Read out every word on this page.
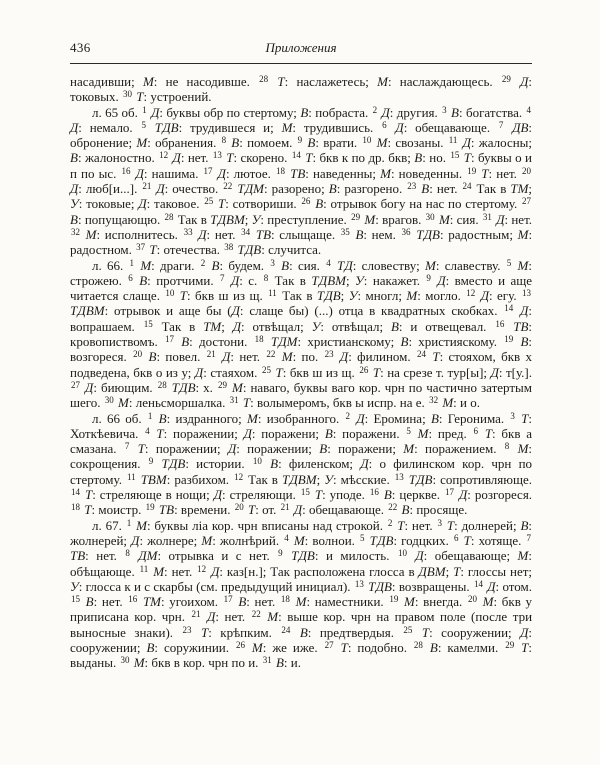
436	Приложения

насадивши; М: не насодивше. $^{28}$ Т: наслажетесь; М: наслаждающесь. $^{29}$ Д: токовых. $^{30}$ Т: устроений.

л. 65 об. $^1$ Д: буквы обр по стертому; В: побраста. $^2$ Д: другия. $^3$ В: богатства. $^4$ Д: немало. $^5$ ТДВ: трудившеся и; М: трудившись. $^6$ Д: обещавающе. $^7$ ДВ: обронение; М: обранения. $^8$ В: помоем. $^9$ В: врати. $^{10}$ М: свозаны. $^{11}$ Д: жалосны; В: жалоностно. $^{12}$ Д: нет. $^{13}$ Т: скорено. $^{14}$ Т: бкв к по др. бкв; В: но. $^{15}$ Т: буквы о и п по ыс. $^{16}$ Д: нашима. $^{17}$ Д: лютое. $^{18}$ ТВ: наведенны; М: новеденны. $^{19}$ Т: нет. $^{20}$ Д: люб[и...]. $^{21}$ Д: очество. $^{22}$ ТДМ: разорено; В: разгорено. $^{23}$ В: нет. $^{24}$ Так в ТМ; У: токовые; Д: таковое. $^{25}$ Т: сотвориши. $^{26}$ В: отрывок богу на нас по стертому. $^{27}$ В: попущающю. $^{28}$ Так в ТДВМ; У: преступление. $^{29}$ М: врагов. $^{30}$ М: сия. $^{31}$ Д: нет. $^{32}$ М: исполнитесь. $^{33}$ Д: нет. $^{34}$ ТВ: слыщаще. $^{35}$ В: нем. $^{36}$ ТДВ: радостным; М: радостном. $^{37}$ Т: отечества. $^{38}$ ТДВ: случитса.

л. 66. $^1$ М: драги. $^2$ В: будем. $^3$ В: сия. $^4$ ТД: словеству; М: славеству. $^5$ М: строжею. $^6$ В: протчими. $^7$ Д: с. $^8$ Так в ТДВМ; У: накажет. $^9$ Д: вместо и аще читается слаще. $^{10}$ Т: бкв ш из щ. $^{11}$ Так в ТДВ; У: многл; М: могло. $^{12}$ Д: егу. $^{13}$ ТДВМ: отрывок и аще бы (Д: слаще бы) (...) отца в квадратных скобках. $^{14}$ Д: вопрашаем. $^{15}$ Так в ТМ; Д: отвѣщал; У: отвѣщал; В: и отвещевал. $^{16}$ ТВ: кровопиствомъ. $^{17}$ В: достони. $^{18}$ ТДМ: христианскому; В: християскому. $^{19}$ В: возгореся. $^{20}$ В: повел. $^{21}$ Д: нет. $^{22}$ М: по. $^{23}$ Д: филином. $^{24}$ Т: стояхом, бкв х подведена, бкв о из у; Д: стаяхом. $^{25}$ Т: бкв ш из щ. $^{26}$ Т: на срезе т. тур[ы]; Д: т[у.]. $^{27}$ Д: биющим. $^{28}$ ТДВ: х. $^{29}$ М: наваго, буквы ваго кор. чрн по частично затертым шего. $^{30}$ М: леньсморшалка. $^{31}$ Т: волымеромъ, бкв ы испр. на е. $^{32}$ М: и о.

л. 66 об. $^1$ В: издранного; М: изобранного. $^2$ Д: Еромина; В: Геронима. $^3$ Т: Хоткѣевича. $^4$ Т: поражении; Д: поражени; В: поражени. $^5$ М: пред. $^6$ Т: бкв а смазана. $^7$ Т: поражении; Д: поражении; В: поражени; М: поражением. $^8$ М: сокрощения. $^9$ ТДВ: истории. $^{10}$ В: филенском; Д: о филинском кор. чрн по стертому. $^{11}$ ТВМ: разбихом. $^{12}$ Так в ТДВМ; У: мѣсские. $^{13}$ ТДВ: сопротивляюще. $^{14}$ Т: стреляюще в нощи; Д: стреляющи. $^{15}$ Т: уподе. $^{16}$ В: церкве. $^{17}$ Д: розгореся. $^{18}$ Т: моистр. $^{19}$ ТВ: времени. $^{20}$ Т: от. $^{21}$ Д: обещавающе. $^{22}$ В: просяще.

л. 67. $^1$ М: буквы ліа кор. чрн вписаны над строкой. $^2$ Т: нет. $^3$ Т: долнерей; В: жолнерей; Д: жолнере; М: жолнѣрий. $^4$ М: волнои. $^5$ ТДВ: годцких. $^6$ Т: хотяще. $^7$ ТВ: нет. $^8$ ДМ: отрывка и с нет. $^9$ ТДВ: и милость. $^{10}$ Д: обещавающе; М: обѣщающе. $^{11}$ М: нет. $^{12}$ Д: каз[н.]; Так расположена глосса в ДВМ; Т: глоссы нет; У: глосса к и с скарбы (см. предыдущий инициал). $^{13}$ ТДВ: возвращены. $^{14}$ Д: отом. $^{15}$ В: нет. $^{16}$ ТМ: угоихом. $^{17}$ В: нет. $^{18}$ М: наместники. $^{19}$ М: внегда. $^{20}$ М: бкв у приписана кор. чрн. $^{21}$ Д: нет. $^{22}$ М: выше кор. чрн на правом поле (после три выносные знаки). $^{23}$ Т: крѣпким. $^{24}$ В: предтвердыя. $^{25}$ Т: сооружении; Д: сооружении; В: соружинии. $^{26}$ М: же иже. $^{27}$ Т: подобно. $^{28}$ В: камелми. $^{29}$ Т: выданы. $^{30}$ М: бкв в кор. чрн по и. $^{31}$ В: и.
